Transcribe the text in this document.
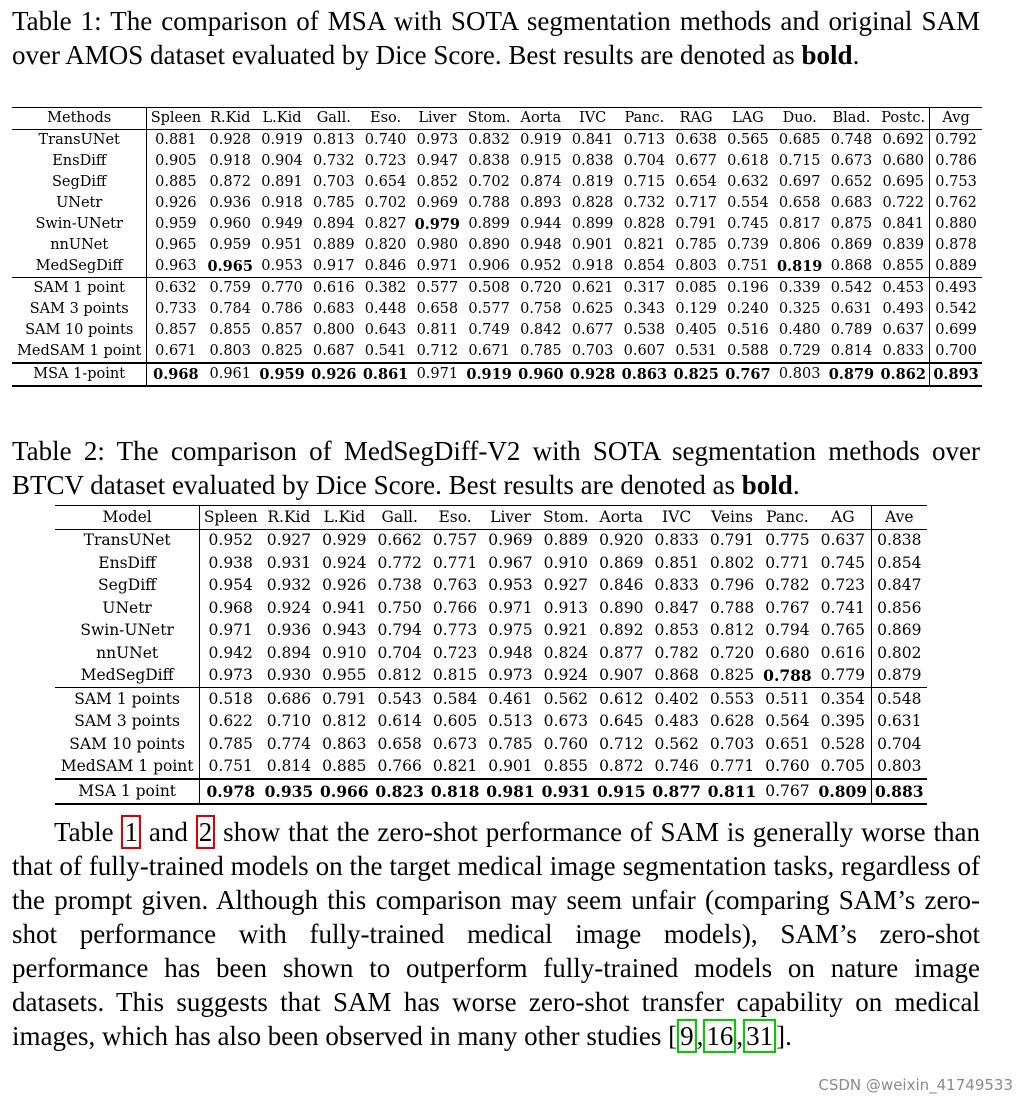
Table 1: The comparison of MSA with SOTA segmentation methods and original SAM over AMOS dataset evaluated by Dice Score. Best results are denoted as bold.
Methods	Spleen	R.Kid	L.Kid	Gall.	Eso.	Liver	Stom.	Aorta	IVC	Panc.	RAG	LAG	Duo.	Blad.	Postc.	Avg
TransUNet	0.881	0.928	0.919	0.813	0.740	0.973	0.832	0.919	0.841	0.713	0.638	0.565	0.685	0.748	0.692	0.792
EnsDiff	0.905	0.918	0.904	0.732	0.723	0.947	0.838	0.915	0.838	0.704	0.677	0.618	0.715	0.673	0.680	0.786
SegDiff	0.885	0.872	0.891	0.703	0.654	0.852	0.702	0.874	0.819	0.715	0.654	0.632	0.697	0.652	0.695	0.753
UNetr	0.926	0.936	0.918	0.785	0.702	0.969	0.788	0.893	0.828	0.732	0.717	0.554	0.658	0.683	0.722	0.762
Swin-UNetr	0.959	0.960	0.949	0.894	0.827	0.979	0.899	0.944	0.899	0.828	0.791	0.745	0.817	0.875	0.841	0.880
nnUNet	0.965	0.959	0.951	0.889	0.820	0.980	0.890	0.948	0.901	0.821	0.785	0.739	0.806	0.869	0.839	0.878
MedSegDiff	0.963	0.965	0.953	0.917	0.846	0.971	0.906	0.952	0.918	0.854	0.803	0.751	0.819	0.868	0.855	0.889
SAM 1 point	0.632	0.759	0.770	0.616	0.382	0.577	0.508	0.720	0.621	0.317	0.085	0.196	0.339	0.542	0.453	0.493
SAM 3 points	0.733	0.784	0.786	0.683	0.448	0.658	0.577	0.758	0.625	0.343	0.129	0.240	0.325	0.631	0.493	0.542
SAM 10 points	0.857	0.855	0.857	0.800	0.643	0.811	0.749	0.842	0.677	0.538	0.405	0.516	0.480	0.789	0.637	0.699
MedSAM 1 point	0.671	0.803	0.825	0.687	0.541	0.712	0.671	0.785	0.703	0.607	0.531	0.588	0.729	0.814	0.833	0.700
MSA 1-point	0.968	0.961	0.959	0.926	0.861	0.971	0.919	0.960	0.928	0.863	0.825	0.767	0.803	0.879	0.862	0.893
Table 2: The comparison of MedSegDiff-V2 with SOTA segmentation methods over BTCV dataset evaluated by Dice Score. Best results are denoted as bold.
Model	Spleen	R.Kid	L.Kid	Gall.	Eso.	Liver	Stom.	Aorta	IVC	Veins	Panc.	AG	Ave
TransUNet	0.952	0.927	0.929	0.662	0.757	0.969	0.889	0.920	0.833	0.791	0.775	0.637	0.838
EnsDiff	0.938	0.931	0.924	0.772	0.771	0.967	0.910	0.869	0.851	0.802	0.771	0.745	0.854
SegDiff	0.954	0.932	0.926	0.738	0.763	0.953	0.927	0.846	0.833	0.796	0.782	0.723	0.847
UNetr	0.968	0.924	0.941	0.750	0.766	0.971	0.913	0.890	0.847	0.788	0.767	0.741	0.856
Swin-UNetr	0.971	0.936	0.943	0.794	0.773	0.975	0.921	0.892	0.853	0.812	0.794	0.765	0.869
nnUNet	0.942	0.894	0.910	0.704	0.723	0.948	0.824	0.877	0.782	0.720	0.680	0.616	0.802
MedSegDiff	0.973	0.930	0.955	0.812	0.815	0.973	0.924	0.907	0.868	0.825	0.788	0.779	0.879
SAM 1 points	0.518	0.686	0.791	0.543	0.584	0.461	0.562	0.612	0.402	0.553	0.511	0.354	0.548
SAM 3 points	0.622	0.710	0.812	0.614	0.605	0.513	0.673	0.645	0.483	0.628	0.564	0.395	0.631
SAM 10 points	0.785	0.774	0.863	0.658	0.673	0.785	0.760	0.712	0.562	0.703	0.651	0.528	0.704
MedSAM 1 point	0.751	0.814	0.885	0.766	0.821	0.901	0.855	0.872	0.746	0.771	0.760	0.705	0.803
MSA 1 point	0.978	0.935	0.966	0.823	0.818	0.981	0.931	0.915	0.877	0.811	0.767	0.809	0.883
Table 1 and 2 show that the zero-shot performance of SAM is generally worse than that of fully-trained models on the target medical image segmentation tasks, regardless of the prompt given. Although this comparison may seem unfair (comparing SAM’s zero-shot performance with fully-trained medical image models), SAM’s zero-shot performance has been shown to outperform fully-trained models on nature image datasets. This suggests that SAM has worse zero-shot transfer capability on medical images, which has also been observed in many other studies [ 9 , 16 , 31 ].
CSDN @weixin_41749533
